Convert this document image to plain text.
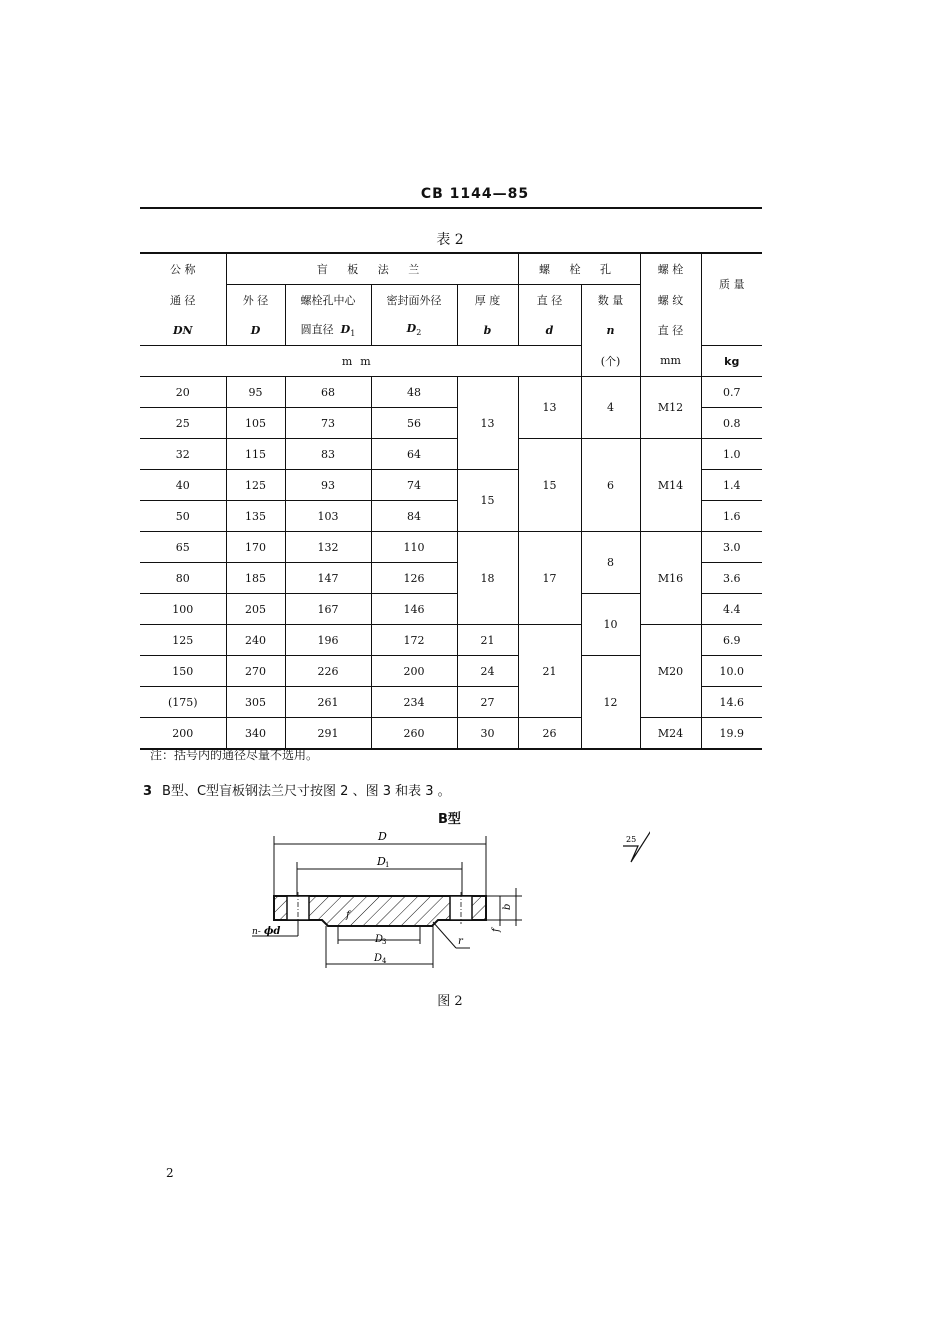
CB 1144—85
表 2
公 称	盲 板 法 兰				螺 栓 孔		螺 栓	质 量
通 径	外 径	螺栓孔中心	密封面外径	厚 度	直 径	数 量	螺 纹	
DN	D	圆直径 $D_1$	$D_2$	b	d	n	直 径	
mm						(个)	mm	kg
20	95	68	48	13	13	4	M12	0.7
25	105	73	56					0.8
32	115	83	64		15	6	M14	1.0
40	125	93	74	15				1.4
50	135	103	84					1.6
65	170	132	110	18	17	8	M16	3.0
80	185	147	126					3.6
100	205	167	146			10		4.4
125	240	196	172	21	21		M20	6.9
150	270	226	200	24		12		10.0
(175)	305	261	234	27				14.6
200	340	291	260	30	26		M24	19.9
注：括号内的通径尽量不选用。
3 B型、C型盲板钢法兰尺寸按图 2 、图 3 和表 3 。
B型
D
D 1
f
b
f
D
3
D 4
r
n- ϕd
25
图 2
2
